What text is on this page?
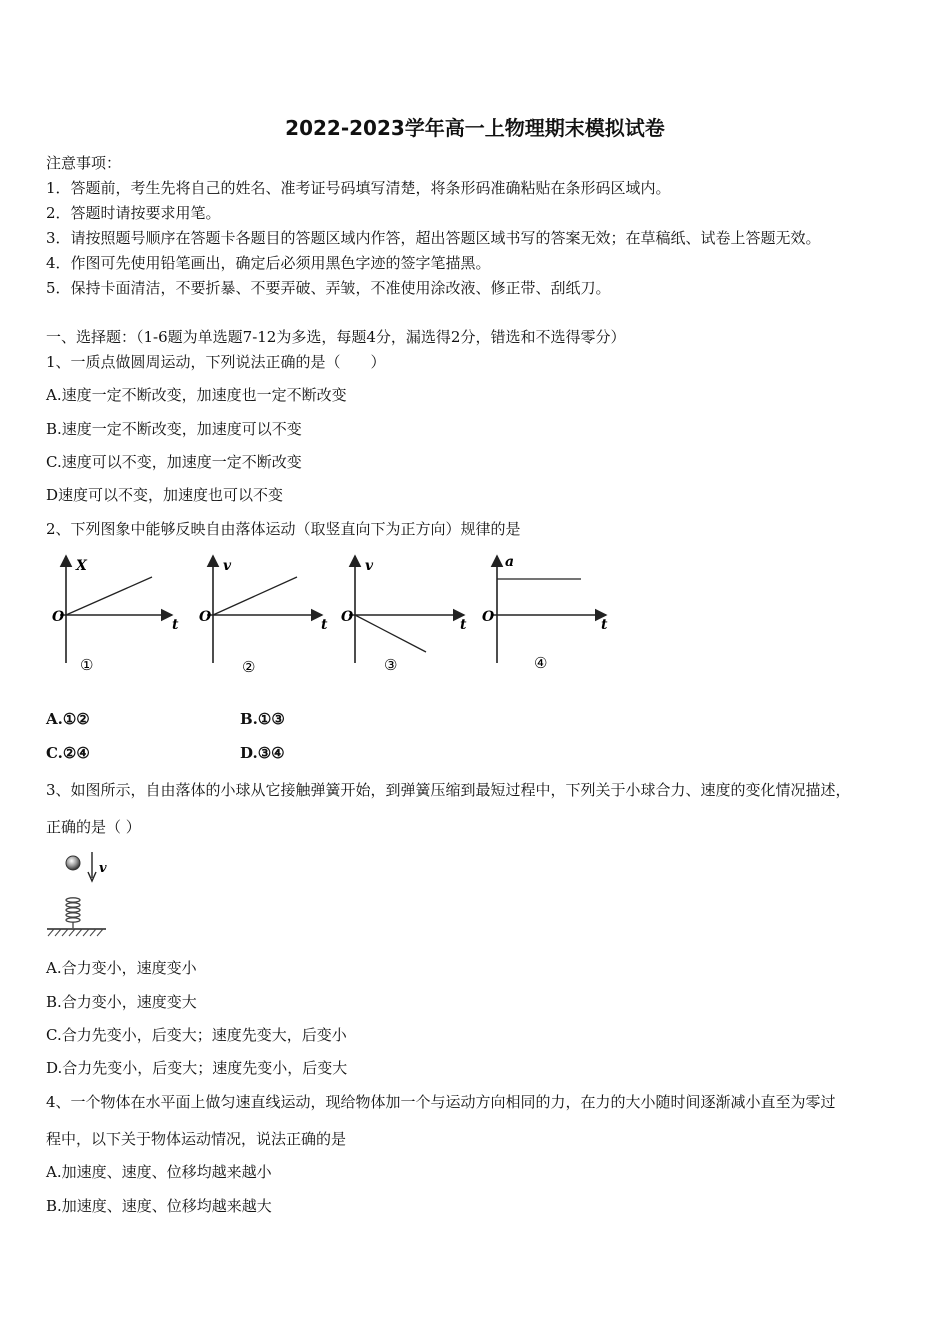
2022-2023学年高一上物理期末模拟试卷
注意事项：
1．答题前，考生先将自己的姓名、准考证号码填写清楚，将条形码准确粘贴在条形码区域内。
2．答题时请按要求用笔。
3．请按照题号顺序在答题卡各题目的答题区域内作答，超出答题区域书写的答案无效；在草稿纸、试卷上答题无效。
4．作图可先使用铅笔画出，确定后必须用黑色字迹的签字笔描黑。
5．保持卡面清洁，不要折暴、不要弄破、弄皱，不准使用涂改液、修正带、刮纸刀。
一、选择题：（1-6题为单选题7-12为多选，每题4分，漏选得2分，错选和不选得零分）
1、一质点做圆周运动，下列说法正确的是（　　）
A.速度一定不断改变，加速度也一定不断改变
B.速度一定不断改变，加速度可以不变
C.速度可以不变，加速度一定不断改变
D速度可以不变，加速度也可以不变
2、下列图象中能够反映自由落体运动（取竖直向下为正方向）规律的是
X
O	t
①
v
O	t
②
v
O	t
③
a
O	t
④
A.①②	B.①③
C.②④	D.③④
3、如图所示，自由落体的小球从它接触弹簧开始，到弹簧压缩到最短过程中，下列关于小球合力、速度的变化情况描述，
正确的是（ ）
v
A.合力变小，速度变小
B.合力变小，速度变大
C.合力先变小，后变大；速度先变大，后变小
D.合力先变小，后变大；速度先变小，后变大
4、一个物体在水平面上做匀速直线运动，现给物体加一个与运动方向相同的力，在力的大小随时间逐渐减小直至为零过
程中，以下关于物体运动情况，说法正确的是
A.加速度、速度、位移均越来越小
B.加速度、速度、位移均越来越大
